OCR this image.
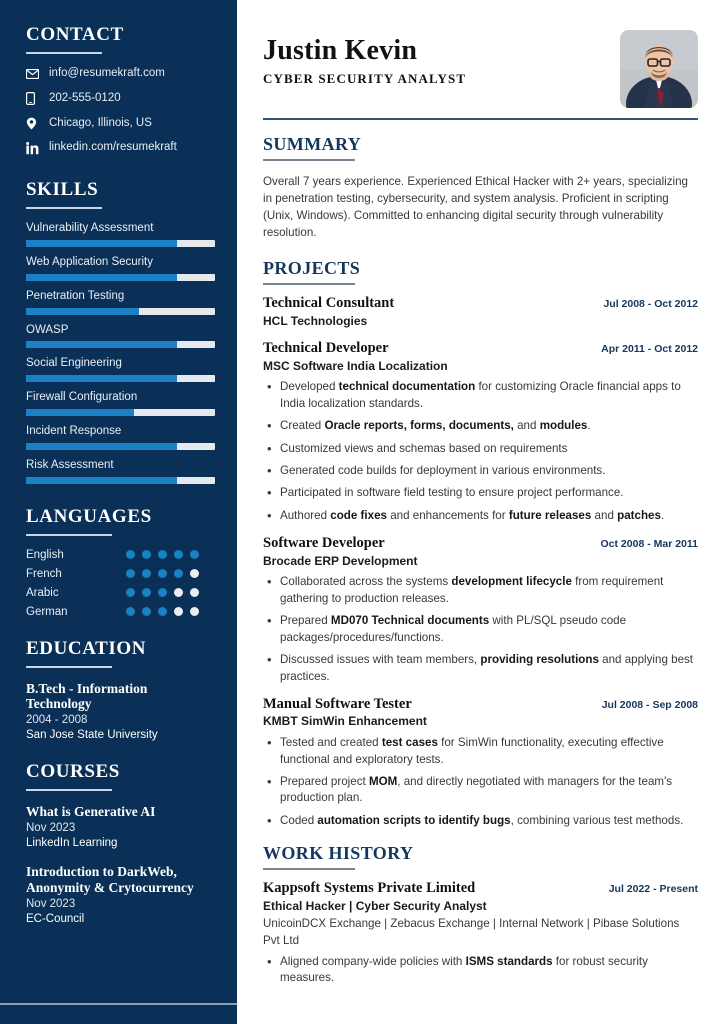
CONTACT
info@resumekraft.com
202-555-0120
Chicago, Illinois, US
linkedin.com/resumekraft
SKILLS
Vulnerability Assessment
Web Application Security
Penetration Testing
OWASP
Social Engineering
Firewall Configuration
Incident Response
Risk Assessment
LANGUAGES
English
French
Arabic
German
EDUCATION
B.Tech - Information Technology
2004 - 2008
San Jose State University
COURSES
What is Generative AI
Nov 2023
LinkedIn Learning
Introduction to DarkWeb, Anonymity & Crytocurrency
Nov 2023
EC-Council
Justin Kevin
CYBER SECURITY ANALYST
SUMMARY

Overall 7 years experience. Experienced Ethical Hacker with 2+ years, specializing in penetration testing, cybersecurity, and system analysis. Proficient in scripting (Unix, Windows). Committed to enhancing digital security through vulnerability resolution.

PROJECTS
Technical Consultant	Jul 2008 - Oct 2012
HCL Technologies
Technical Developer	Apr 2011 - Oct 2012
MSC Software India Localization
• Developed technical documentation for customizing Oracle financial apps to India localization standards.
• Created Oracle reports, forms, documents, and modules.
• Customized views and schemas based on requirements
• Generated code builds for deployment in various environments.
• Participated in software field testing to ensure project performance.
• Authored code fixes and enhancements for future releases and patches.
Software Developer	Oct 2008 - Mar 2011
Brocade ERP Development
• Collaborated across the systems development lifecycle from requirement gathering to production releases.
• Prepared MD070 Technical documents with PL/SQL pseudo code packages/procedures/functions.
• Discussed issues with team members, providing resolutions and applying best practices.
Manual Software Tester	Jul 2008 - Sep 2008
KMBT SimWin Enhancement
• Tested and created test cases for SimWin functionality, executing effective functional and exploratory tests.
• Prepared project MOM, and directly negotiated with managers for the team's production plan.
• Coded automation scripts to identify bugs, combining various test methods.
WORK HISTORY
Kappsoft Systems Private Limited	Jul 2022 - Present
Ethical Hacker | Cyber Security Analyst
UnicoinDCX Exchange | Zebacus Exchange | Internal Network | Pibase Solutions Pvt Ltd
• Aligned company-wide policies with ISMS standards for robust security measures.
